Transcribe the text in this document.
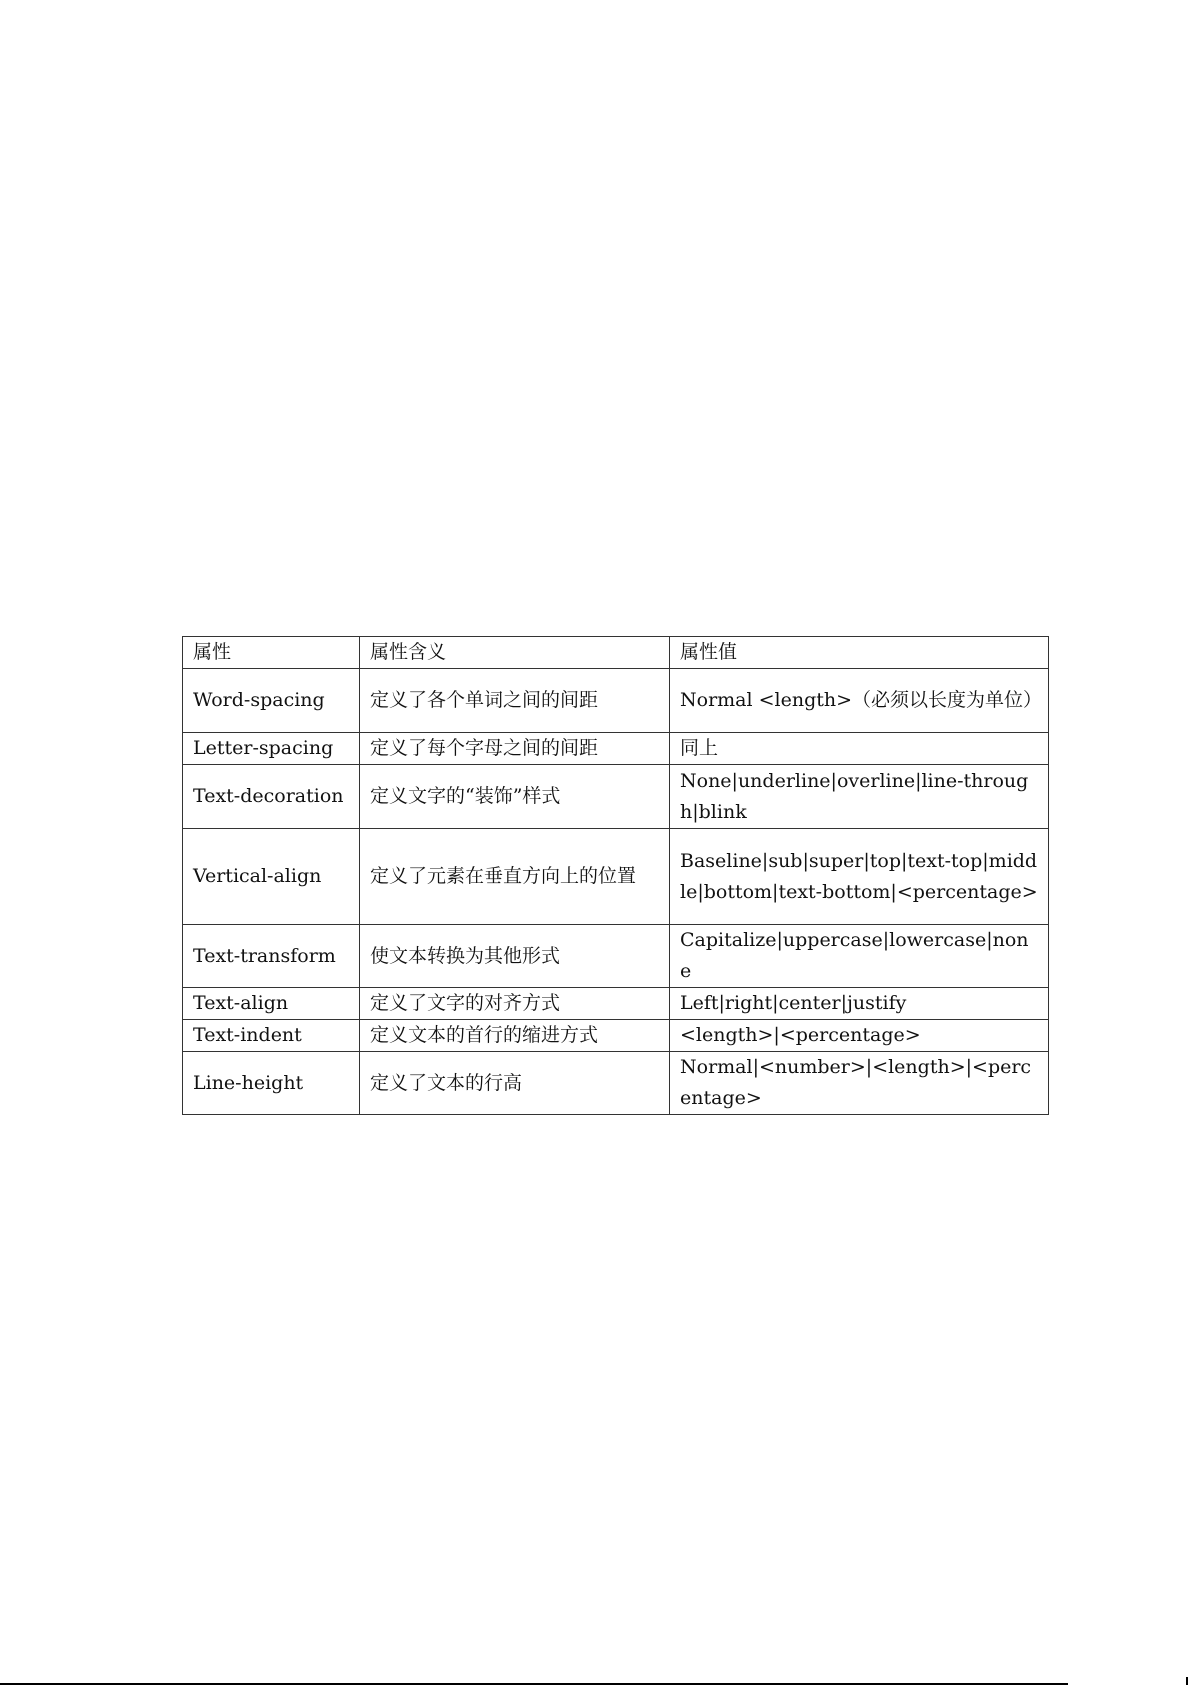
属性	属性含义	属性值
Word-spacing	定义了各个单词之间的间距	Normal <length>（必须以长度为单位）
Letter-spacing	定义了每个字母之间的间距	同上
Text-decoration	定义文字的“装饰”样式	None|underline|overline|line-through|blink
Vertical-align	定义了元素在垂直方向上的位置	Baseline|sub|super|top|text-top|middle|bottom|text-bottom|<percentage>
Text-transform	使文本转换为其他形式	Capitalize|uppercase|lowercase|none
Text-align	定义了文字的对齐方式	Left|right|center|justify
Text-indent	定义文本的首行的缩进方式	<length>|<percentage>
Line-height	定义了文本的行高	Normal|<number>|<length>|<percentage>
